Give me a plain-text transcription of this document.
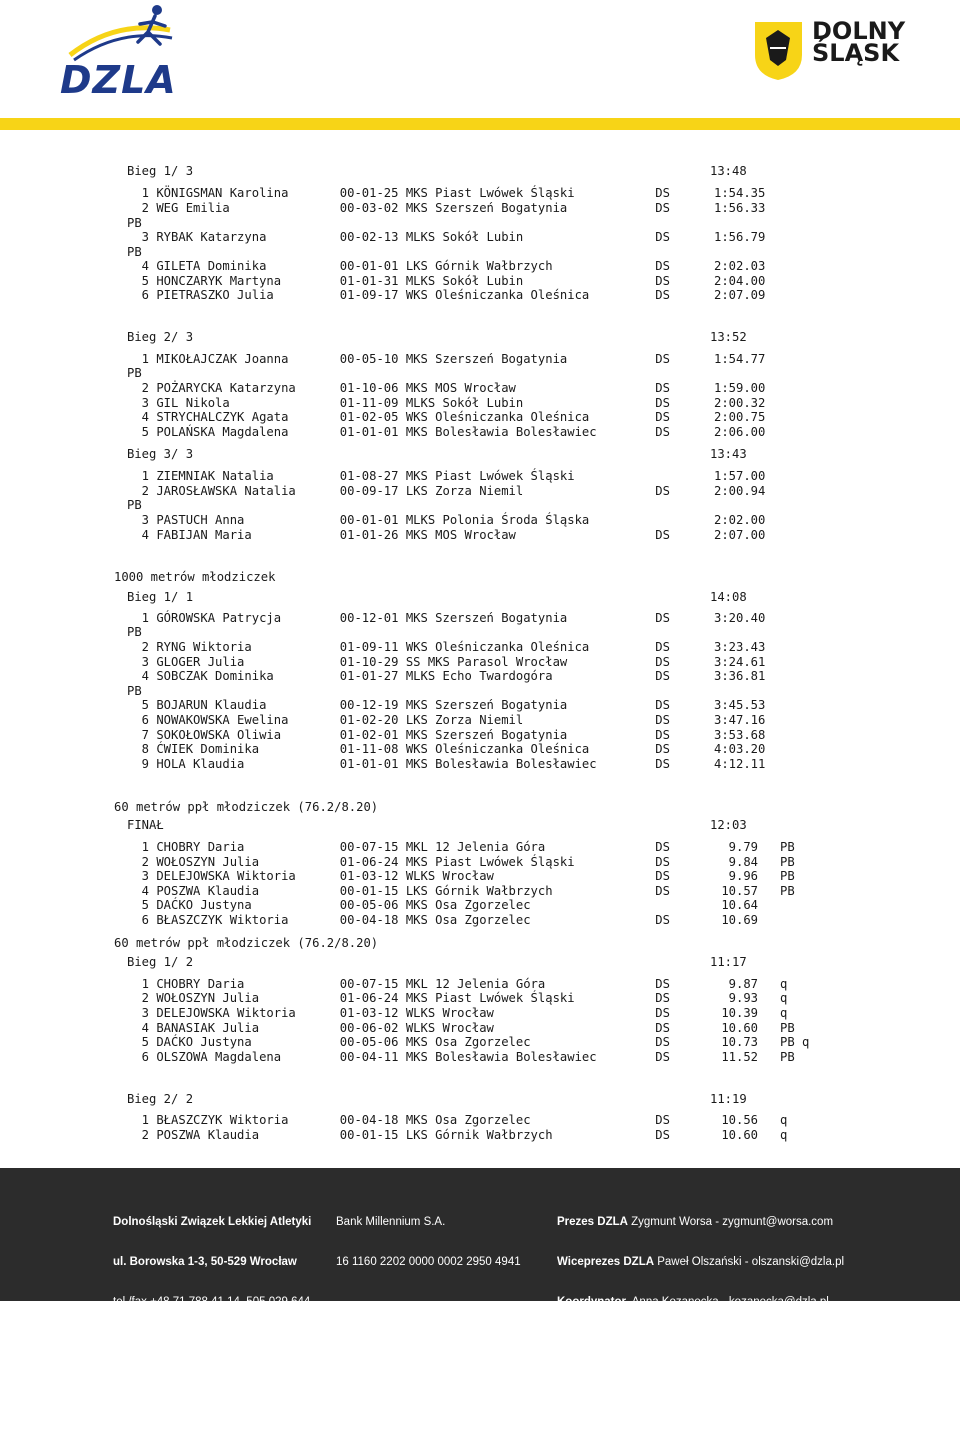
DZLA
DOLNY
ŚLĄSK
Bieg 1/ 3	13:48
1 KÖNIGSMAN Karolina       00-01-25 MKS Piast Lwówek Śląski           DS      1:54.35
2 WEG Emilia               00-03-02 MKS Szerszeń Bogatynia            DS      1:56.33
PB
3 RYBAK Katarzyna          00-02-13 MLKS Sokół Lubin                  DS      1:56.79
PB
4 GILETA Dominika          00-01-01 LKS Górnik Wałbrzych              DS      2:02.03
5 HONCZARYK Martyna        01-01-31 MLKS Sokół Lubin                  DS      2:04.00
6 PIETRASZKO Julia         01-09-17 WKS Oleśniczanka Oleśnica         DS      2:07.09
Bieg 2/ 3	13:52
1 MIKOŁAJCZAK Joanna       00-05-10 MKS Szerszeń Bogatynia            DS      1:54.77
PB
2 POŻARYCKA Katarzyna      01-10-06 MKS MOS Wrocław                   DS      1:59.00
3 GIL Nikola               01-11-09 MLKS Sokół Lubin                  DS      2:00.32
4 STRYCHALCZYK Agata       01-02-05 WKS Oleśniczanka Oleśnica         DS      2:00.75
5 POLAŃSKA Magdalena       01-01-01 MKS Bolesławia Bolesławiec        DS      2:06.00
Bieg 3/ 3	13:43
1 ZIEMNIAK Natalia         01-08-27 MKS Piast Lwówek Śląski                   1:57.00
2 JAROSŁAWSKA Natalia      00-09-17 LKS Zorza Niemil                  DS      2:00.94
PB
3 PASTUCH Anna             00-01-01 MLKS Polonia Środa Śląska                 2:02.00
4 FABIJAN Maria            01-01-26 MKS MOS Wrocław                   DS      2:07.00
1000 metrów młodziczek
Bieg 1/ 1	14:08
1 GÓROWSKA Patrycja        00-12-01 MKS Szerszeń Bogatynia            DS      3:20.40
PB
2 RYNG Wiktoria            01-09-11 WKS Oleśniczanka Oleśnica         DS      3:23.43
3 GLOGER Julia             01-10-29 SS MKS Parasol Wrocław            DS      3:24.61
4 SOBCZAK Dominika         01-01-27 MLKS Echo Twardogóra              DS      3:36.81
PB
5 BOJARUN Klaudia          00-12-19 MKS Szerszeń Bogatynia            DS      3:45.53
6 NOWAKOWSKA Ewelina       01-02-20 LKS Zorza Niemil                  DS      3:47.16
7 SOKOŁOWSKA Oliwia        01-02-01 MKS Szerszeń Bogatynia            DS      3:53.68
8 ĆWIEK Dominika           01-11-08 WKS Oleśniczanka Oleśnica         DS      4:03.20
9 HOLA Klaudia             01-01-01 MKS Bolesławia Bolesławiec        DS      4:12.11
60 metrów ppł młodziczek (76.2/8.20)
FINAŁ	12:03
1 CHOBRY Daria             00-07-15 MKL 12 Jelenia Góra               DS        9.79   PB
2 WOŁOSZYN Julia           01-06-24 MKS Piast Lwówek Śląski           DS        9.84   PB
3 DELEJOWSKA Wiktoria      01-03-12 WLKS Wrocław                      DS        9.96   PB
4 POSZWA Klaudia           00-01-15 LKS Górnik Wałbrzych              DS       10.57   PB
5 DAĆKO Justyna            00-05-06 MKS Osa Zgorzelec                          10.64
6 BŁASZCZYK Wiktoria       00-04-18 MKS Osa Zgorzelec                 DS       10.69
60 metrów ppł młodziczek (76.2/8.20)
Bieg 1/ 2	11:17
1 CHOBRY Daria             00-07-15 MKL 12 Jelenia Góra               DS        9.87   q
2 WOŁOSZYN Julia           01-06-24 MKS Piast Lwówek Śląski           DS        9.93   q
3 DELEJOWSKA Wiktoria      01-03-12 WLKS Wrocław                      DS       10.39   q
4 BANASIAK Julia           00-06-02 WLKS Wrocław                      DS       10.60   PB
5 DAĆKO Justyna            00-05-06 MKS Osa Zgorzelec                 DS       10.73   PB q
6 OLSZOWA Magdalena        00-04-11 MKS Bolesławia Bolesławiec        DS       11.52   PB
Bieg 2/ 2	11:19
1 BŁASZCZYK Wiktoria       00-04-18 MKS Osa Zgorzelec                 DS       10.56   q
2 POSZWA Klaudia           00-01-15 LKS Górnik Wałbrzych              DS       10.60   q

Dolnośląski Związek Lekkiej Atletyki

ul. Borowska 1-3, 50-529 Wrocław

tel./fax +48 71 788 41 14, 505 029 644,

fax +48 71 367 18 40

dzla@pzla.pl,  ozla@sport.wroclaw.pl

www.dzla.pl

Bank Millennium S.A.

16 1160 2202 0000 0002 2950 4941

NIP DZLA:  899 22 81 399

NIP DFS: 899 21 28 344

Prezes DZLA Zygmunt Worsa - zygmunt@worsa.com

Wiceprezes DZLA Paweł Olszański - olszanski@dzla.pl

Koordynator  Anna Kozanecka - kozanecka@dzla.pl

Administrator  Justyna Serafińska - Gruman -

serafinska@dzla.pl
